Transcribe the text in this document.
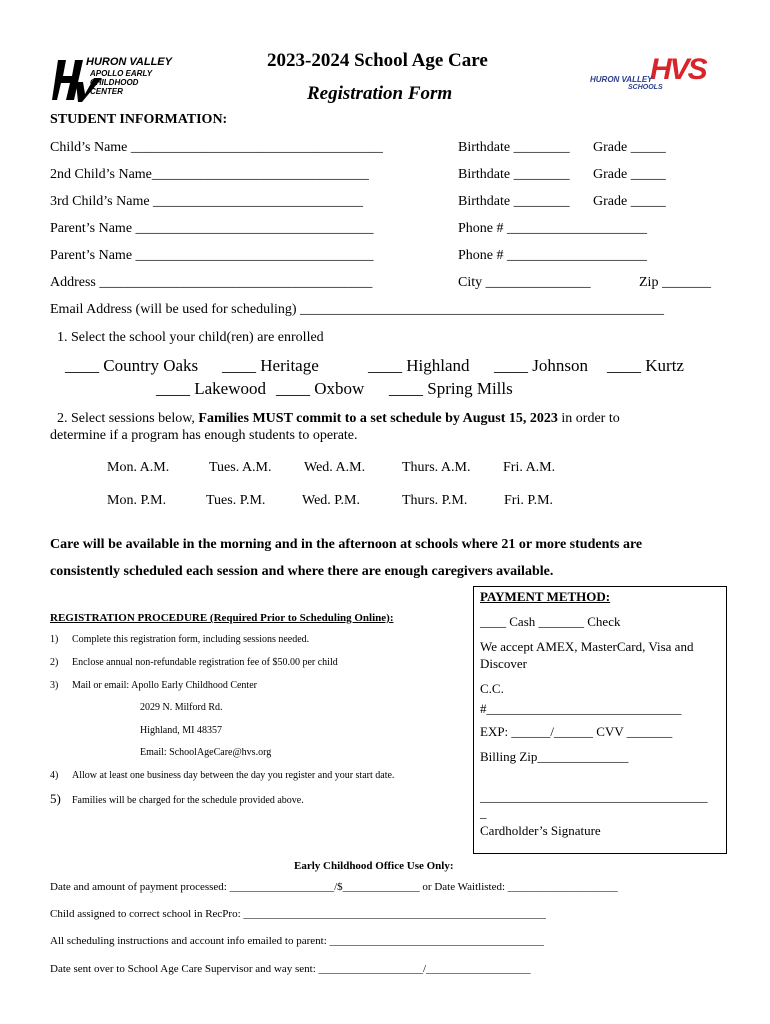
HURON VALLEY
APOLLO EARLY
CHILDHOOD
CENTER
2023-2024 School Age Care
Registration Form
HVS
HURON VALLEY
SCHOOLS
STUDENT INFORMATION:
Child’s Name ____________________________________	Birthdate ________ Grade _____
2nd Child’s Name_______________________________	Birthdate ________ Grade _____
3rd Child’s Name ______________________________	Birthdate ________ Grade _____
Parent’s Name __________________________________	Phone # ____________________
Parent’s Name __________________________________	Phone # ____________________
Address _______________________________________	City _______________	Zip _______
Email Address (will be used for scheduling) ____________________________________________________
1. Select the school your child(ren) are enrolled
____ Country Oaks ____ Heritage	____ Highland ____ Johnson ____ Kurtz
____ Lakewood ____ Oxbow ____ Spring Mills
2. Select sessions below, Families MUST commit to a set schedule by August 15, 2023 in order to
determine if a program has enough students to operate.
Mon. A.M.	Tues. A.M. Wed. A.M.	Thurs. A.M. Fri. A.M.
Mon. P.M.	Tues. P.M.	Wed. P.M.	Thurs. P.M.	Fri. P.M.
Care will be available in the morning and in the afternoon at schools where 21 or more students are
consistently scheduled each session and where there are enough caregivers available.
REGISTRATION PROCEDURE (Required Prior to Scheduling Online):
1) Complete this registration form, including sessions needed.
2) Enclose annual non-refundable registration fee of $50.00 per child
3) Mail or email: Apollo Early Childhood Center
2029 N. Milford Rd.
Highland, MI 48357
Email: SchoolAgeCare@hvs.org
4) Allow at least one business day between the day you register and your start date.
5) Families will be charged for the schedule provided above.
PAYMENT METHOD:
____ Cash _______ Check
We accept AMEX, MasterCard, Visa and
Discover
C.C.
#______________________________
EXP: ______/______ CVV _______
Billing Zip______________
___________________________________
_
Cardholder’s Signature
Early Childhood Office Use Only:
Date and amount of payment processed: ___________________/$______________ or Date Waitlisted: ____________________
Child assigned to correct school in RecPro: _______________________________________________________
All scheduling instructions and account info emailed to parent: _______________________________________
Date sent over to School Age Care Supervisor and way sent: ___________________/___________________
